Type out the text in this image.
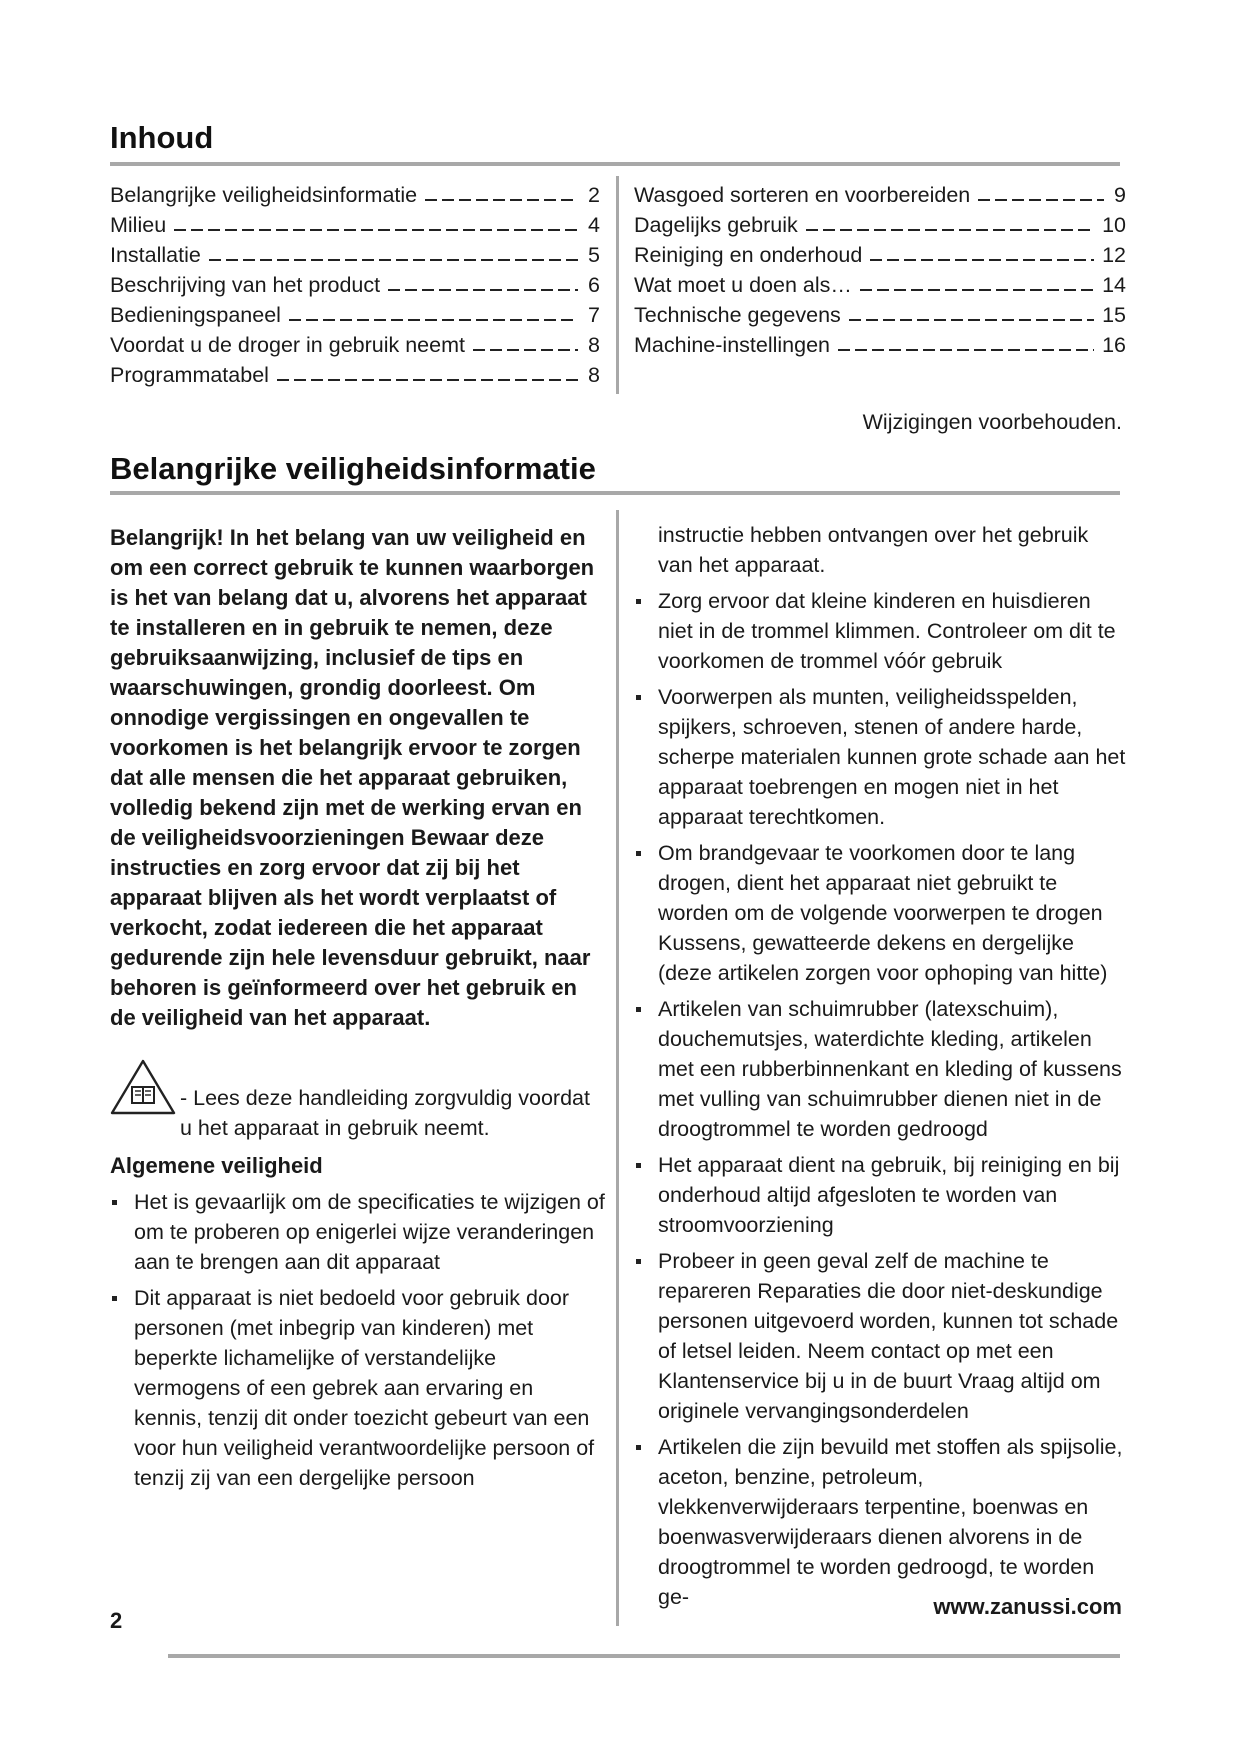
Inhoud
Belangrijke veiligheidsinformatie	2
Milieu	4
Installatie	5
Beschrijving van het product	6
Bedieningspaneel	7
Voordat u de droger in gebruik neemt	8
Programmatabel	8
Wasgoed sorteren en voorbereiden	9
Dagelijks gebruik	10
Reiniging en onderhoud	12
Wat moet u doen als…	14
Technische gegevens	15
Machine-instellingen	16
Wijzigingen voorbehouden.
Belangrijke veiligheidsinformatie
Belangrijk! In het belang van uw veiligheid en om een correct gebruik te kunnen waarborgen is het van belang dat u, alvorens het apparaat te installeren en in gebruik te nemen, deze gebruiksaanwijzing, inclusief de tips en waarschuwingen, grondig doorleest. Om onnodige vergissingen en ongevallen te voorkomen is het belangrijk ervoor te zorgen dat alle mensen die het apparaat gebruiken, volledig bekend zijn met de werking ervan en de veiligheidsvoorzieningen Bewaar deze instructies en zorg ervoor dat zij bij het apparaat blijven als het wordt verplaatst of verkocht, zodat iedereen die het apparaat gedurende zijn hele levensduur gebruikt, naar behoren is geïnformeerd over het gebruik en de veiligheid van het apparaat.
- Lees deze handleiding zorgvuldig voordat u het apparaat in gebruik neemt.
Algemene veiligheid
Het is gevaarlijk om de specificaties te wijzigen of om te proberen op enigerlei wijze veranderingen aan te brengen aan dit apparaat
Dit apparaat is niet bedoeld voor gebruik door personen (met inbegrip van kinderen) met beperkte lichamelijke of verstandelijke vermogens of een gebrek aan ervaring en kennis, tenzij dit onder toezicht gebeurt van een voor hun veiligheid verantwoordelijke persoon of tenzij zij van een dergelijke persoon
instructie hebben ontvangen over het gebruik van het apparaat.
Zorg ervoor dat kleine kinderen en huisdieren niet in de trommel klimmen. Controleer om dit te voorkomen de trommel vóór gebruik
Voorwerpen als munten, veiligheidsspelden, spijkers, schroeven, stenen of andere harde, scherpe materialen kunnen grote schade aan het apparaat toebrengen en mogen niet in het apparaat terechtkomen.
Om brandgevaar te voorkomen door te lang drogen, dient het apparaat niet gebruikt te worden om de volgende voorwerpen te drogen Kussens, gewatteerde dekens en dergelijke (deze artikelen zorgen voor ophoping van hitte)
Artikelen van schuimrubber (latexschuim), douchemutsjes, waterdichte kleding, artikelen met een rubberbinnenkant en kleding of kussens met vulling van schuimrubber dienen niet in de droogtrommel te worden gedroogd
Het apparaat dient na gebruik, bij reiniging en bij onderhoud altijd afgesloten te worden van stroomvoorziening
Probeer in geen geval zelf de machine te repareren Reparaties die door niet-deskundige personen uitgevoerd worden, kunnen tot schade of letsel leiden. Neem contact op met een Klantenservice bij u in de buurt Vraag altijd om originele vervangingsonderdelen
Artikelen die zijn bevuild met stoffen als spijsolie, aceton, benzine, petroleum, vlekkenverwijderaars terpentine, boenwas en boenwasverwijderaars dienen alvorens in de droogtrommel te worden gedroogd, te worden ge-
2
www.zanussi.com
